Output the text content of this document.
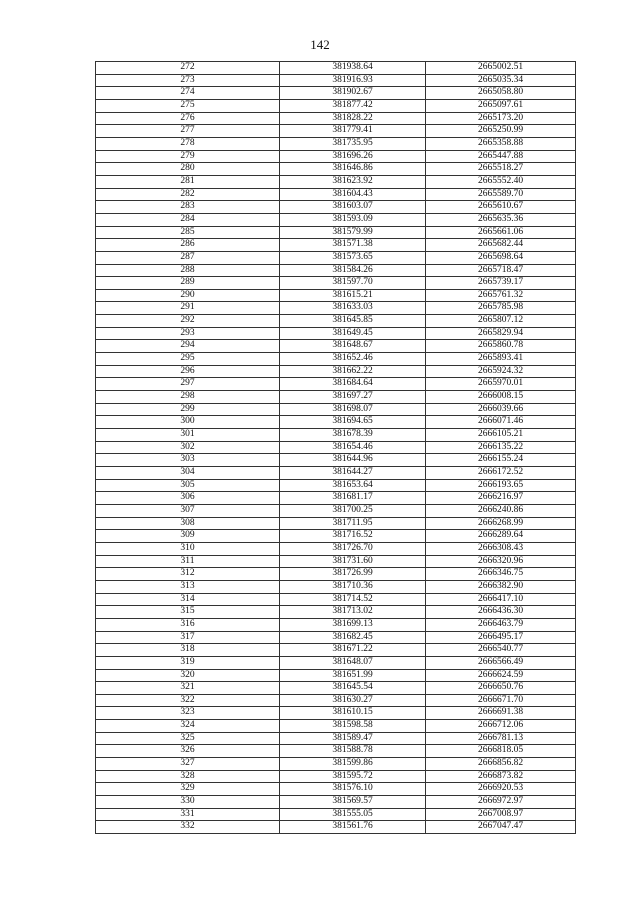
142
272	381938.64	2665002.51
273	381916.93	2665035.34
274	381902.67	2665058.80
275	381877.42	2665097.61
276	381828.22	2665173.20
277	381779.41	2665250.99
278	381735.95	2665358.88
279	381696.26	2665447.88
280	381646.86	2665518.27
281	381623.92	2665552.40
282	381604.43	2665589.70
283	381603.07	2665610.67
284	381593.09	2665635.36
285	381579.99	2665661.06
286	381571.38	2665682.44
287	381573.65	2665698.64
288	381584.26	2665718.47
289	381597.70	2665739.17
290	381615.21	2665761.32
291	381633.03	2665785.98
292	381645.85	2665807.12
293	381649.45	2665829.94
294	381648.67	2665860.78
295	381652.46	2665893.41
296	381662.22	2665924.32
297	381684.64	2665970.01
298	381697.27	2666008.15
299	381698.07	2666039.66
300	381694.65	2666071.46
301	381678.39	2666105.21
302	381654.46	2666135.22
303	381644.96	2666155.24
304	381644.27	2666172.52
305	381653.64	2666193.65
306	381681.17	2666216.97
307	381700.25	2666240.86
308	381711.95	2666268.99
309	381716.52	2666289.64
310	381726.70	2666308.43
311	381731.60	2666320.96
312	381726.99	2666346.75
313	381710.36	2666382.90
314	381714.52	2666417.10
315	381713.02	2666436.30
316	381699.13	2666463.79
317	381682.45	2666495.17
318	381671.22	2666540.77
319	381648.07	2666566.49
320	381651.99	2666624.59
321	381645.54	2666650.76
322	381630.27	2666671.70
323	381610.15	2666691.38
324	381598.58	2666712.06
325	381589.47	2666781.13
326	381588.78	2666818.05
327	381599.86	2666856.82
328	381595.72	2666873.82
329	381576.10	2666920.53
330	381569.57	2666972.97
331	381555.05	2667008.97
332	381561.76	2667047.47
